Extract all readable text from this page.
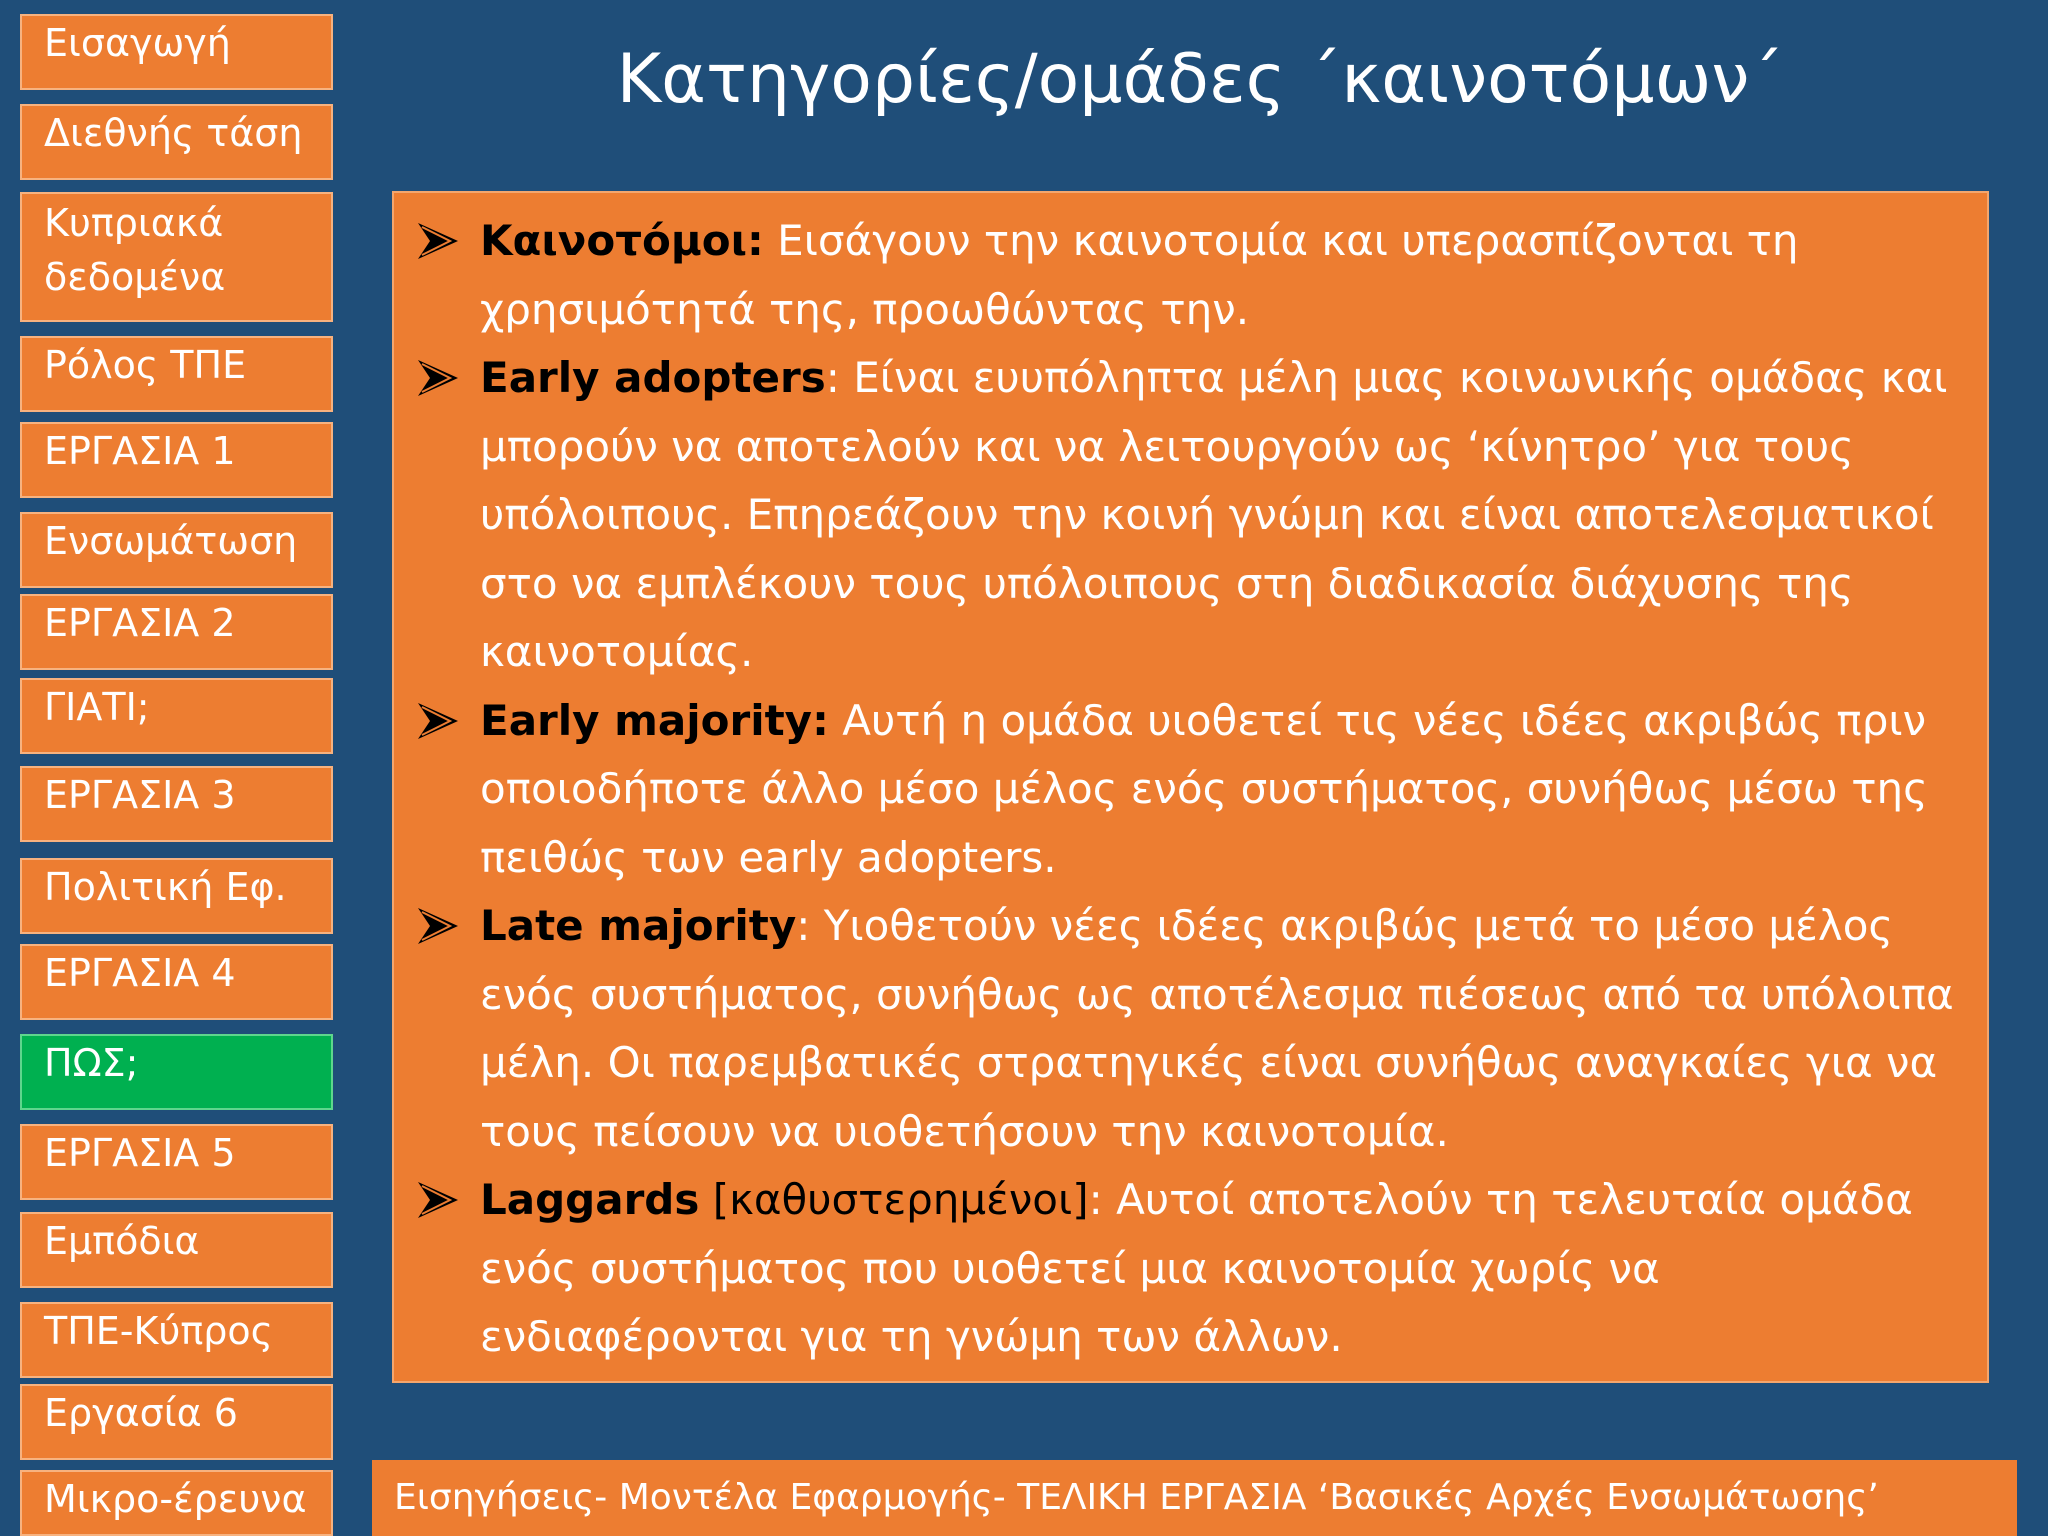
Εισαγωγή
Διεθνής τάση
Κυπριακά δεδομένα
Ρόλος ΤΠΕ
ΕΡΓΑΣΙΑ 1
Ενσωμάτωση
ΕΡΓΑΣΙΑ 2
ΓΙΑΤΙ;
ΕΡΓΑΣΙΑ 3
Πολιτική Εφ.
ΕΡΓΑΣΙΑ 4
ΠΩΣ;
ΕΡΓΑΣΙΑ 5
Εμπόδια
ΤΠΕ-Κύπρος
Εργασία 6
Μικρο-έρευνα
Κατηγορίες/ομάδες ΄καινοτόμων΄
Καινοτόμοι: Εισάγουν την καινοτομία και υπερασπίζονται τη χρησιμότητά της, προωθώντας την.
Early adopters: Είναι ευυπόληπτα μέλη μιας κοινωνικής ομάδας και μπορούν να αποτελούν και να λειτουργούν ως ‘κίνητρο’ για τους υπόλοιπους. Επηρεάζουν την κοινή γνώμη και είναι αποτελεσματικοί στο να εμπλέκουν τους υπόλοιπους στη διαδικασία διάχυσης της καινοτομίας.
Early majority: Αυτή η ομάδα υιοθετεί τις νέες ιδέες ακριβώς πριν οποιοδήποτε άλλο μέσο μέλος ενός συστήματος, συνήθως μέσω της πειθώς των early adopters.
Late majority: Υιοθετούν νέες ιδέες ακριβώς μετά το μέσο μέλος ενός συστήματος, συνήθως ως αποτέλεσμα πιέσεως από τα υπόλοιπα μέλη. Οι παρεμβατικές στρατηγικές είναι συνήθως αναγκαίες για να τους πείσουν να υιοθετήσουν την καινοτομία.
Laggards [καθυστερημένοι]: Αυτοί αποτελούν τη τελευταία ομάδα ενός συστήματος που υιοθετεί μια καινοτομία χωρίς να ενδιαφέρονται για τη γνώμη των άλλων.
Εισηγήσεις- Μοντέλα Εφαρμογής- ΤΕΛΙΚΗ ΕΡΓΑΣΙΑ ‘Βασικές Αρχές Ενσωμάτωσης’
